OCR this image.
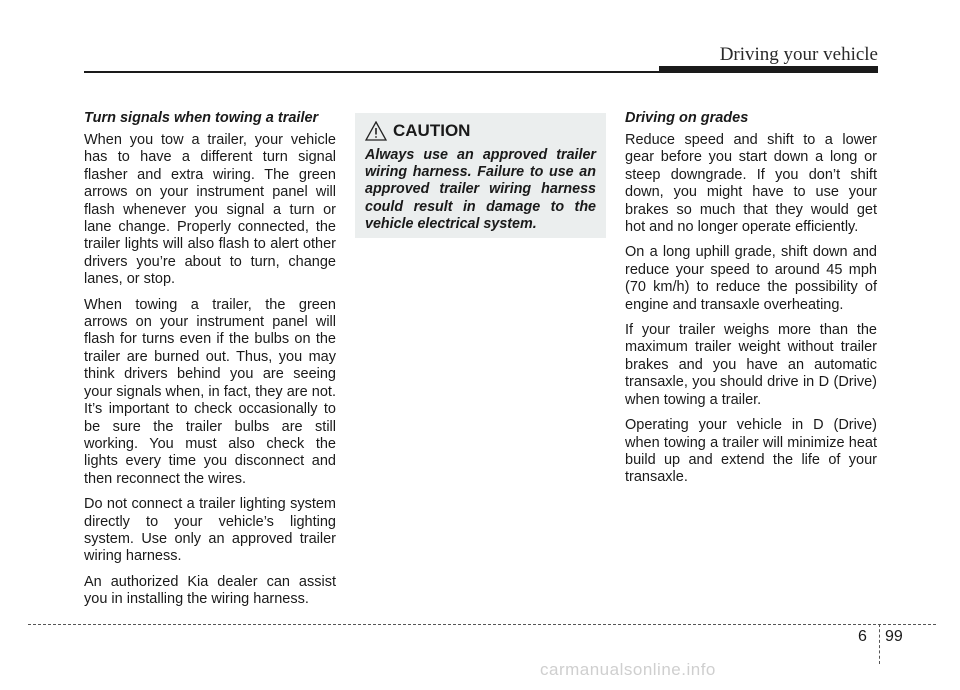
Driving your vehicle
Turn signals when towing a trailer

When you tow a trailer, your vehicle has to have a different turn signal flasher and extra wiring. The green arrows on your instrument panel will flash whenever you signal a turn or lane change. Properly connected, the trailer lights will also flash to alert other drivers you’re about to turn, change lanes, or stop.

When towing a trailer, the green arrows on your instrument panel will flash for turns even if the bulbs on the trailer are burned out. Thus, you may think drivers behind you are seeing your signals when, in fact, they are not. It’s important to check occasionally to be sure the trailer bulbs are still working. You must also check the lights every time you disconnect and then reconnect the wires.

Do not connect a trailer lighting system directly to your vehicle’s lighting system. Use only an approved trailer wiring harness.

An authorized Kia dealer can assist you in installing the wiring harness.

CAUTION

Always use an approved trailer wiring harness. Failure to use an approved trailer wiring harness could result in damage to the vehicle electrical system.

Driving on grades

Reduce speed and shift to a lower gear before you start down a long or steep downgrade. If you don’t shift down, you might have to use your brakes so much that they would get hot and no longer operate efficiently.

On a long uphill grade, shift down and reduce your speed to around 45 mph (70 km/h) to reduce the possibility of engine and transaxle overheating.

If your trailer weighs more than the maximum trailer weight without trailer brakes and you have an automatic transaxle, you should drive in D (Drive) when towing a trailer.

Operating your vehicle in D (Drive) when towing a trailer will minimize heat build up and extend the life of your transaxle.

6 99
carmanualsonline.info
